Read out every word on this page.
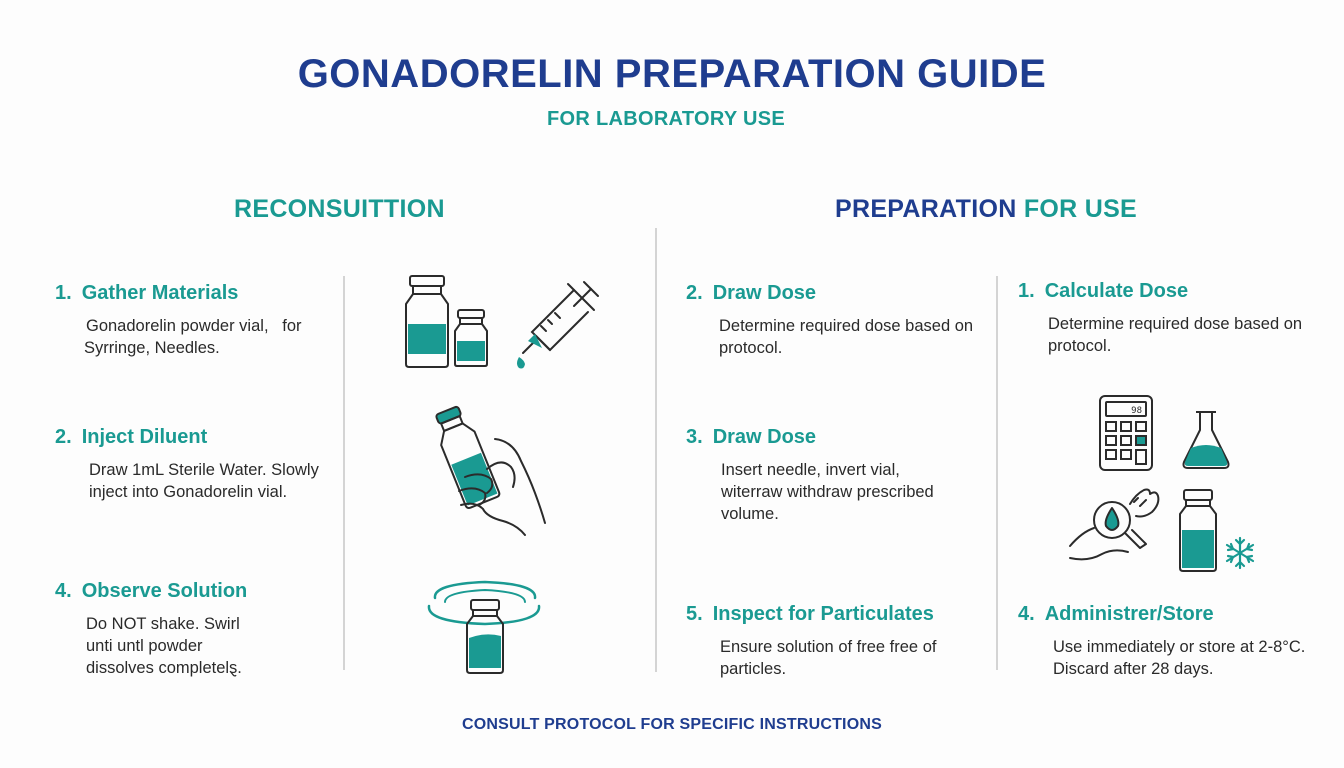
GONADORELIN PREPARATION GUIDE
FOR LABORATORY USE
RECONSUITTION	PREPARATION FOR USE
1. Gather Materials
Gonadorelin powder vial,   for
Syrringe, Needles.
2. Inject Diluent
Draw 1mL Sterile Water. Slowly
inject into Gonadorelin vial.
4. Observe Solution
Do NOT shake. Swirl
unti untl powder
dissolves completelȿ.
2. Draw Dose
Determine required dose based on
protocol.
3. Draw Dose
Insert needle, invert vial,
witerraw withdraw prescribed
volume.
5. Inspect for Particulates
Ensure solution of free free of
particles.
1. Calculate Dose
Determine required dose based on
protocol.
4. Administrer/Store
Use immediately or store at 2-8°C.
Discard after 28 days.
98
CONSULT PROTOCOL FOR SPECIFIC INSTRUCTIONS
